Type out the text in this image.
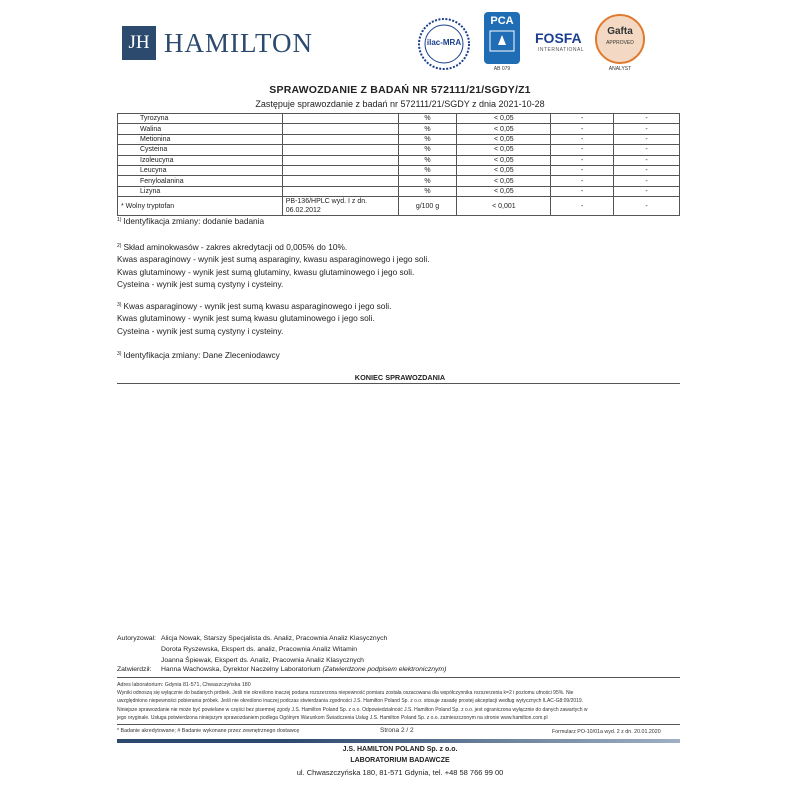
JH HAMILTON	ilac-MRA
PCA
AB 079
FOSFA
INTERNATIONAL
Gafta
APPROVED
ANALYST
SPRAWOZDANIE Z BADAŃ NR 572111/21/SGDY/Z1
Zastępuje sprawozdanie z badań nr 572111/21/SGDY z dnia 2021-10-28
Tyrozyna		%	< 0,05	-	-
Walina		%	< 0,05	-	-
Metionina		%	< 0,05	-	-
Cysteina		%	< 0,05	-	-
Izoleucyna		%	< 0,05	-	-
Leucyna		%	< 0,05	-	-
Fenyloalanina		%	< 0,05	-	-
Lizyna		%	< 0,05	-	-
* Wolny tryptofan	PB-136/HPLC wyd. I z dn. 06.02.2012	g/100 g	< 0,001	-	-
$^{1)}$ Identyfikacja zmiany: dodanie badania
$^{2)}$ Skład aminokwasów - zakres akredytacji od 0,005% do 10%.
Kwas asparaginowy - wynik jest sumą asparaginy, kwasu asparaginowego i jego soli.
Kwas glutaminowy - wynik jest sumą glutaminy, kwasu glutaminowego i jego soli.
Cysteina - wynik jest sumą cystyny i cysteiny.
$^{3)}$ Kwas asparaginowy - wynik jest sumą kwasu asparaginowego i jego soli.
Kwas glutaminowy - wynik jest sumą kwasu glutaminowego i jego soli.
Cysteina - wynik jest sumą cystyny i cysteiny.
$^{3)}$ Identyfikacja zmiany: Dane Zleceniodawcy
KONIEC SPRAWOZDANIA
Autoryzował: Alicja Nowak, Starszy Specjalista ds. Analiz, Pracownia Analiz Klasycznych
Dorota Ryszewska, Ekspert ds. analiz, Pracownia Analiz Witamin
Joanna Śpiewak, Ekspert ds. Analiz, Pracownia Analiz Klasycznych
Zatwierdził: Hanna Wachowska, Dyrektor Naczelny Laboratorium (Zatwierdzone podpisem elektronicznym)
Adres laboratorium: Gdynia 81-571, Chwaszczyńska 180
Wyniki odnoszą się wyłącznie do badanych próbek. Jeśli nie określono inaczej podana rozszerzona niepewność pomiaru została oszacowana dla współczynnika rozszerzenia k=2 i poziomu ufności 95%. Nie
uwzględniono niepewności pobierania próbek. Jeśli nie określono inaczej podczas stwierdzania zgodności J.S. Hamilton Poland Sp. z o.o. stosuje zasadę prostej akceptacji według wytycznych ILAC-G8:09/2019.
Niniejsze sprawozdanie nie może być powielane w części bez pisemnej zgody J.S. Hamilton Poland Sp. z o.o. Odpowiedzialność J.S. Hamilton Poland Sp. z o.o. jest ograniczona wyłącznie do danych zawartych w
jego oryginale. Usługa potwierdzona niniejszym sprawozdaniem podlega Ogólnym Warunkom Świadczenia Usług J.S. Hamilton Poland Sp. z o.o. zamieszczonym na stronie www.hamilton.com.pl
* Badanie akredytowane; # Badanie wykonane przez zewnętrznego dostawcę	Strona 2 / 2	Formularz PO-10/01a wyd. 2 z dn. 20.01.2020
J.S. HAMILTON POLAND Sp. z o.o.
LABORATORIUM BADAWCZE
ul. Chwaszczyńska 180, 81-571 Gdynia, tel. +48 58 766 99 00
